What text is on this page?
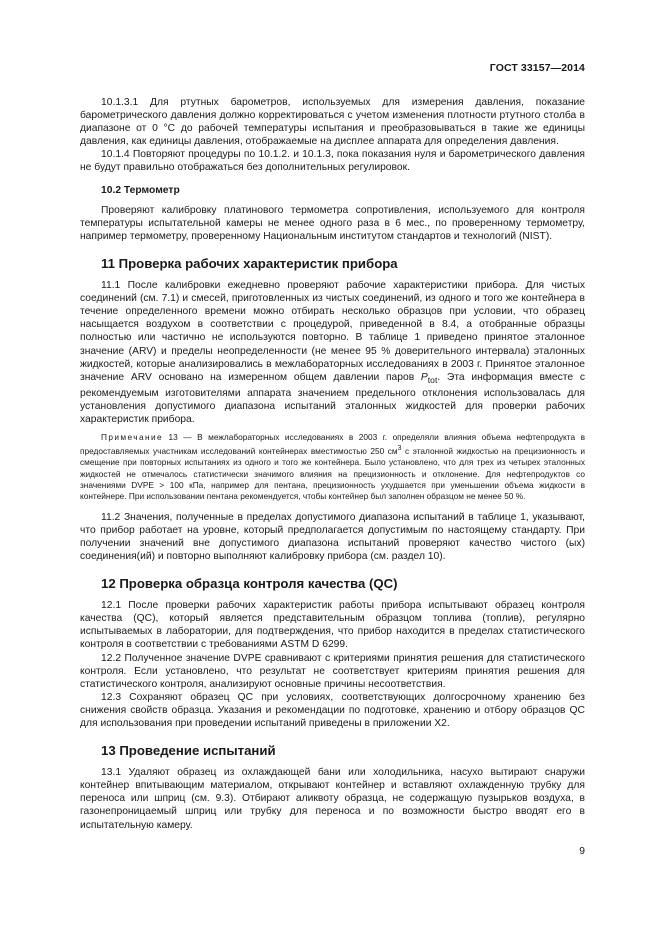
ГОСТ 33157—2014

10.1.3.1 Для ртутных барометров, используемых для измерения давления, показание барометрического давления должно корректироваться с учетом изменения плотности ртутного столба в диапазоне от 0 °С до рабочей температуры испытания и преобразовываться в такие же единицы давления, как единицы давления, отображаемые на дисплее аппарата для определения давления.

10.1.4 Повторяют процедуры по 10.1.2. и 10.1.3, пока показания нуля и барометрического давления не будут правильно отображаться без дополнительных регулировок.

10.2 Термометр

Проверяют калибровку платинового термометра сопротивления, используемого для контроля температуры испытательной камеры не менее одного раза в 6 мес., по проверенному термометру, например термометру, проверенному Национальным институтом стандартов и технологий (NIST).

11 Проверка рабочих характеристик прибора

11.1 После калибровки ежедневно проверяют рабочие характеристики прибора. Для чистых соединений (см. 7.1) и смесей, приготовленных из чистых соединений, из одного и того же контейнера в течение определенного времени можно отбирать несколько образцов при условии, что образец насыщается воздухом в соответствии с процедурой, приведенной в 8.4, а отобранные образцы полностью или частично не используются повторно. В таблице 1 приведено принятое эталонное значение (ARV) и пределы неопределенности (не менее 95 % доверительного интервала) эталонных жидкостей, которые анализировались в межлабораторных исследованиях в 2003 г. Принятое эталонное значение ARV основано на измеренном общем давлении паров $P_{tot}$. Эта информация вместе с рекомендуемым изготовителями аппарата значением предельного отклонения использовалась для установления допустимого диапазона испытаний эталонных жидкостей для проверки рабочих характеристик прибора.

Примечание 13 — В межлабораторных исследованиях в 2003 г. определяли влияния объема нефтепродукта в предоставляемых участникам исследований контейнерах вместимостью 250 $см^3$ с эталонной жидкостью на прецизионность и смещение при повторных испытаниях из одного и того же контейнера. Было установлено, что для трех из четырех эталонных жидкостей не отмечалось статистически значимого влияния на прецизионность и отклонение. Для нефтепродуктов со значениями DVPE > 100 кПа, например для пентана, прецизионность ухудшается при уменьшении объема жидкости в контейнере. При использовании пентана рекомендуется, чтобы контейнер был заполнен образцом не менее 50 %.

11.2 Значения, полученные в пределах допустимого диапазона испытаний в таблице 1, указывают, что прибор работает на уровне, который предполагается допустимым по настоящему стандарту. При получении значений вне допустимого диапазона испытаний проверяют качество чистого (ых) соединения(ий) и повторно выполняют калибровку прибора (см. раздел 10).

12 Проверка образца контроля качества (QC)

12.1 После проверки рабочих характеристик работы прибора испытывают образец контроля качества (QC), который является представительным образцом топлива (топлив), регулярно испытываемых в лаборатории, для подтверждения, что прибор находится в пределах статистического контроля в соответствии с требованиями ASTM D 6299.

12.2 Полученное значение DVPE сравнивают с критериями принятия решения для статистического контроля. Если установлено, что результат не соответствует критериям принятия решения для статистического контроля, анализируют основные причины несоответствия.

12.3 Сохраняют образец QC при условиях, соответствующих долгосрочному хранению без снижения свойств образца. Указания и рекомендации по подготовке, хранению и отбору образцов QC для использования при проведении испытаний приведены в приложении Х2.

13 Проведение испытаний

13.1 Удаляют образец из охлаждающей бани или холодильника, насухо вытирают снаружи контейнер впитывающим материалом, открывают контейнер и вставляют охлажденную трубку для переноса или шприц (см. 9.3). Отбирают аликвоту образца, не содержащую пузырьков воздуха, в газонепроницаемый шприц или трубку для переноса и по возможности быстро вводят его в испытательную камеру.

9
